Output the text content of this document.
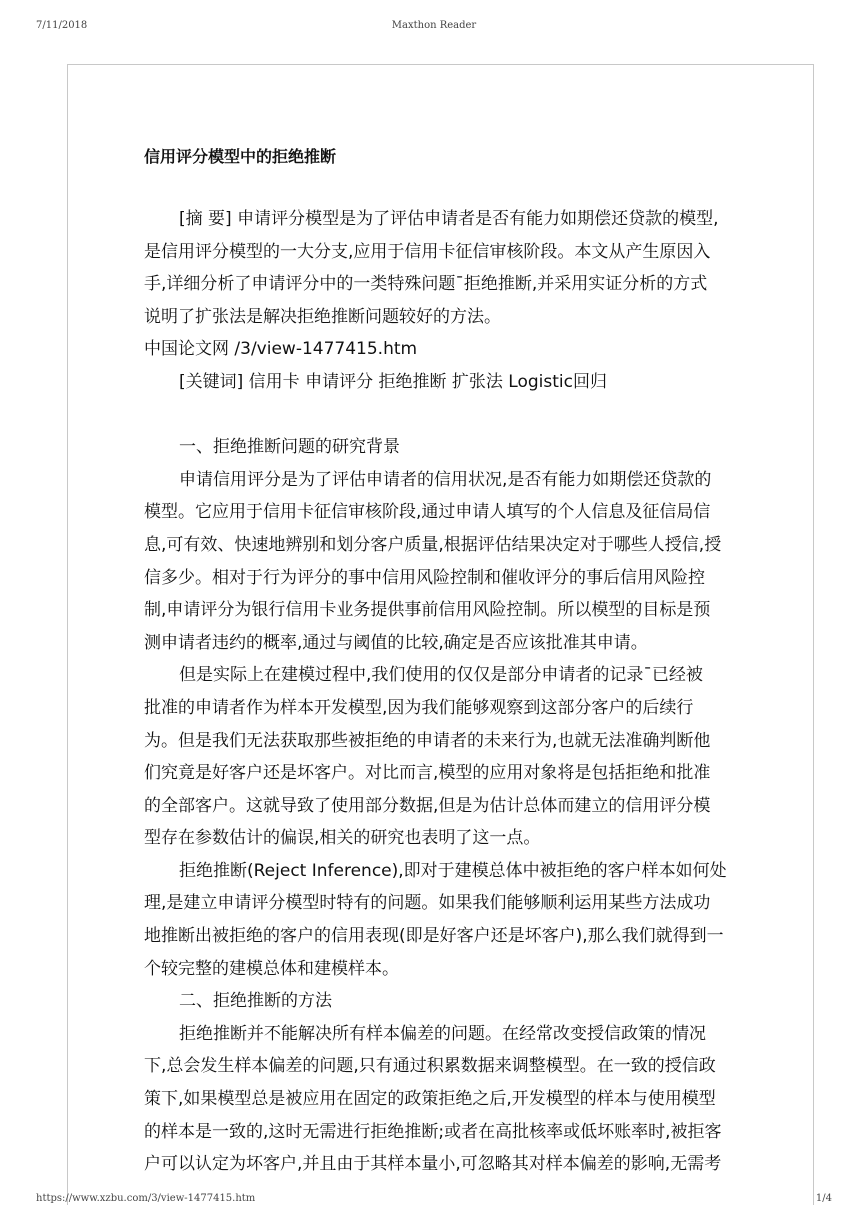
7/11/2018	Maxthon Reader
信用评分模型中的拒绝推断
[摘 要] 申请评分模型是为了评估申请者是否有能力如期偿还贷款的模型,
是信用评分模型的一大分支,应用于信用卡征信审核阶段。本文从产生原因入
手,详细分析了申请评分中的一类特殊问题¯拒绝推断,并采用实证分析的方式
说明了扩张法是解决拒绝推断问题较好的方法。
中国论文网 /3/view-1477415.htm
[关键词] 信用卡 申请评分 拒绝推断 扩张法 Logistic回归
一、拒绝推断问题的研究背景
申请信用评分是为了评估申请者的信用状况,是否有能力如期偿还贷款的
模型。它应用于信用卡征信审核阶段,通过申请人填写的个人信息及征信局信
息,可有效、快速地辨别和划分客户质量,根据评估结果决定对于哪些人授信,授
信多少。相对于行为评分的事中信用风险控制和催收评分的事后信用风险控
制,申请评分为银行信用卡业务提供事前信用风险控制。所以模型的目标是预
测申请者违约的概率,通过与阈值的比较,确定是否应该批准其申请。
但是实际上在建模过程中,我们使用的仅仅是部分申请者的记录¯已经被
批准的申请者作为样本开发模型,因为我们能够观察到这部分客户的后续行
为。但是我们无法获取那些被拒绝的申请者的未来行为,也就无法准确判断他
们究竟是好客户还是坏客户。对比而言,模型的应用对象将是包括拒绝和批准
的全部客户。这就导致了使用部分数据,但是为估计总体而建立的信用评分模
型存在参数估计的偏误,相关的研究也表明了这一点。
拒绝推断(Reject Inference),即对于建模总体中被拒绝的客户样本如何处
理,是建立申请评分模型时特有的问题。如果我们能够顺利运用某些方法成功
地推断出被拒绝的客户的信用表现(即是好客户还是坏客户),那么我们就得到一
个较完整的建模总体和建模样本。
二、拒绝推断的方法
拒绝推断并不能解决所有样本偏差的问题。在经常改变授信政策的情况
下,总会发生样本偏差的问题,只有通过积累数据来调整模型。在一致的授信政
策下,如果模型总是被应用在固定的政策拒绝之后,开发模型的样本与使用模型
的样本是一致的,这时无需进行拒绝推断;或者在高批核率或低坏账率时,被拒客
户可以认定为坏客户,并且由于其样本量小,可忽略其对样本偏差的影响,无需考
https://www.xzbu.com/3/view-1477415.htm	1/4
